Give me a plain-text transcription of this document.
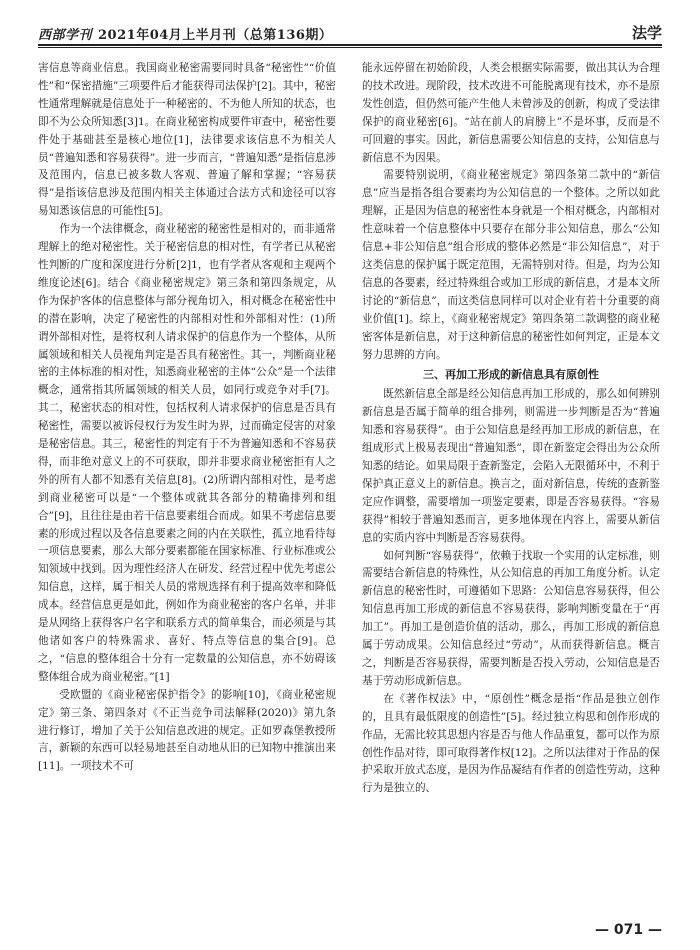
西部学刊 2021年04月上半月刊（总第136期）	法学

害信息等商业信息。我国商业秘密需要同时具备“秘密性”“价值性”和“保密措施”三项要件后才能获得司法保护[2]。其中，秘密性通常理解就是信息处于一种秘密的、不为他人所知的状态，也即不为公众所知悉[3]1。在商业秘密构成要件审查中，秘密性要件处于基础甚至是核心地位[1]，法律要求该信息不为相关人员“普遍知悉和容易获得”。进一步而言，“普遍知悉”是指信息涉及范围内，信息已被多数人客观、普遍了解和掌握；“容易获得”是指该信息涉及范围内相关主体通过合法方式和途径可以容易知悉该信息的可能性[5]。

作为一个法律概念，商业秘密的秘密性是相对的，而非通常理解上的绝对秘密性。关于秘密信息的相对性，有学者已从秘密性判断的广度和深度进行分析[2]1，也有学者从客观和主观两个维度论述[6]。结合《商业秘密规定》第三条和第四条规定，从作为保护客体的信息整体与部分视角切入，相对概念在秘密性中的潜在影响，决定了秘密性的内部相对性和外部相对性：(1)所谓外部相对性，是将权利人请求保护的信息作为一个整体，从所属领域和相关人员视角判定是否具有秘密性。其一，判断商业秘密的主体标准的相对性，知悉商业秘密的主体“公众”是一个法律概念，通常指其所属领域的相关人员，如同行或竞争对手[7]。其二，秘密状态的相对性，包括权利人请求保护的信息是否具有秘密性，需要以被诉侵权行为发生时为界，过而确定侵害的对象是秘密信息。其三，秘密性的判定有于不为普遍知悉和不容易获得，而非绝对意义上的不可获取，即并非要求商业秘密拒有人之外的所有人都不知悉有关信息[8]。(2)所谓内部相对性，是考虑到商业秘密可以是“一个整体或就其各部分的精确排列和组合”[9]，且往往是由若干信息要素组合而成。如果不考虑信息要素的形成过程以及各信息要素之间的内在关联性，孤立地看待每一项信息要素，那么大部分要素都能在国家标准、行业标准或公知领域中找到。因为理性经济人在研发、经营过程中优先考虑公知信息，这样，属于相关人员的常规选择有利于提高效率和降低成本。经营信息更是如此，例如作为商业秘密的客户名单，并非是从网络上获得客户名字和联系方式的简单集合，而必须是与其他诸如客户的特殊需求、喜好、特点等信息的集合[9]。总之，“信息的整体组合十分有一定数量的公知信息，亦不妨碍该整体组合成为商业秘密。”[1]

受欧盟的《商业秘密保护指令》的影响[10]，《商业秘密规定》第三条、第四条对《不正当竞争司法解释(2020)》第九条进行修订，增加了关于公知信息改进的规定。正如罗森堡教授所言，新颖的东西可以轻易地甚至自动地从旧的已知物中推演出来[11]。一项技术不可

能永远停留在初始阶段，人类会根据实际需要，做出其认为合理的技术改进。现阶段，技术改进不可能脱离现有技术，亦不是原发性创造，但仍然可能产生他人未曾涉及的创新，构成了受法律保护的商业秘密[6]。“站在前人的肩膀上”不是坏事，反而是不可回避的事实。因此，新信息需要公知信息的支持，公知信息与新信息不为因果。

需要特别说明，《商业秘密规定》第四条第二款中的“新信息”应当是指各组合要素均为公知信息的一个整体。之所以如此理解，正是因为信息的秘密性本身就是一个相对概念，内部相对性意味着一个信息整体中只要存在部分非公知信息，那么“公知信息+非公知信息”组合形成的整体必然是“非公知信息”，对于这类信息的保护属于既定范围，无需特别对待。但是，均为公知信息的各要素，经过特殊组合或加工形成的新信息，才是本文所讨论的“新信息”，而这类信息同样可以对企业有若十分重要的商业价值[1]。综上，《商业秘密规定》第四条第二款调整的商业秘密客体是新信息，对于这种新信息的秘密性如何判定，正是本文努力思辨的方向。

三、再加工形成的新信息具有原创性

既然新信息全部是经公知信息再加工形成的，那么如何辨别新信息是否属于简单的组合排列，则需进一步判断是否为“普遍知悉和容易获得”。由于公知信息是经再加工形成的新信息，在组成形式上极易表现出“普遍知悉”，即在新鉴定会得出为公众所知悉的结论。如果局限于查新鉴定，会陷入无限循环中，不利于保护真正意义上的新信息。换言之，面对新信息，传统的查新鉴定应作调整，需要增加一项鉴定要素，即是否容易获得。“容易获得”相较于普遍知悉而言，更多地体现在内容上，需要从新信息的实质内容中判断是否容易获得。

如何判断“容易获得”，依赖于找取一个实用的认定标准，则需要结合新信息的特殊性，从公知信息的再加工角度分析。认定新信息的秘密性时，可遵循如下思路：公知信息容易获得，但公知信息再加工形成的新信息不容易获得，影响判断变量在于“再加工”。再加工是创造价值的活动，那么，再加工形成的新信息属于劳动成果。公知信息经过“劳动”，从而获得新信息。概言之，判断是否容易获得，需要判断是否投入劳动，公知信息是否基于劳动形成新信息。

在《著作权法》中，“原创性”概念是指“作品是独立创作的，且具有最低限度的创造性”[5]。经过独立构思和创作形成的作品，无需比较其思想内容是否与他人作品重复，都可以作为原创性作品对待，即可取得著作权[12]。之所以法律对于作品的保护采取开放式态度，是因为作品凝结有作者的创造性劳动，这种行为是独立的、

— 071 —
